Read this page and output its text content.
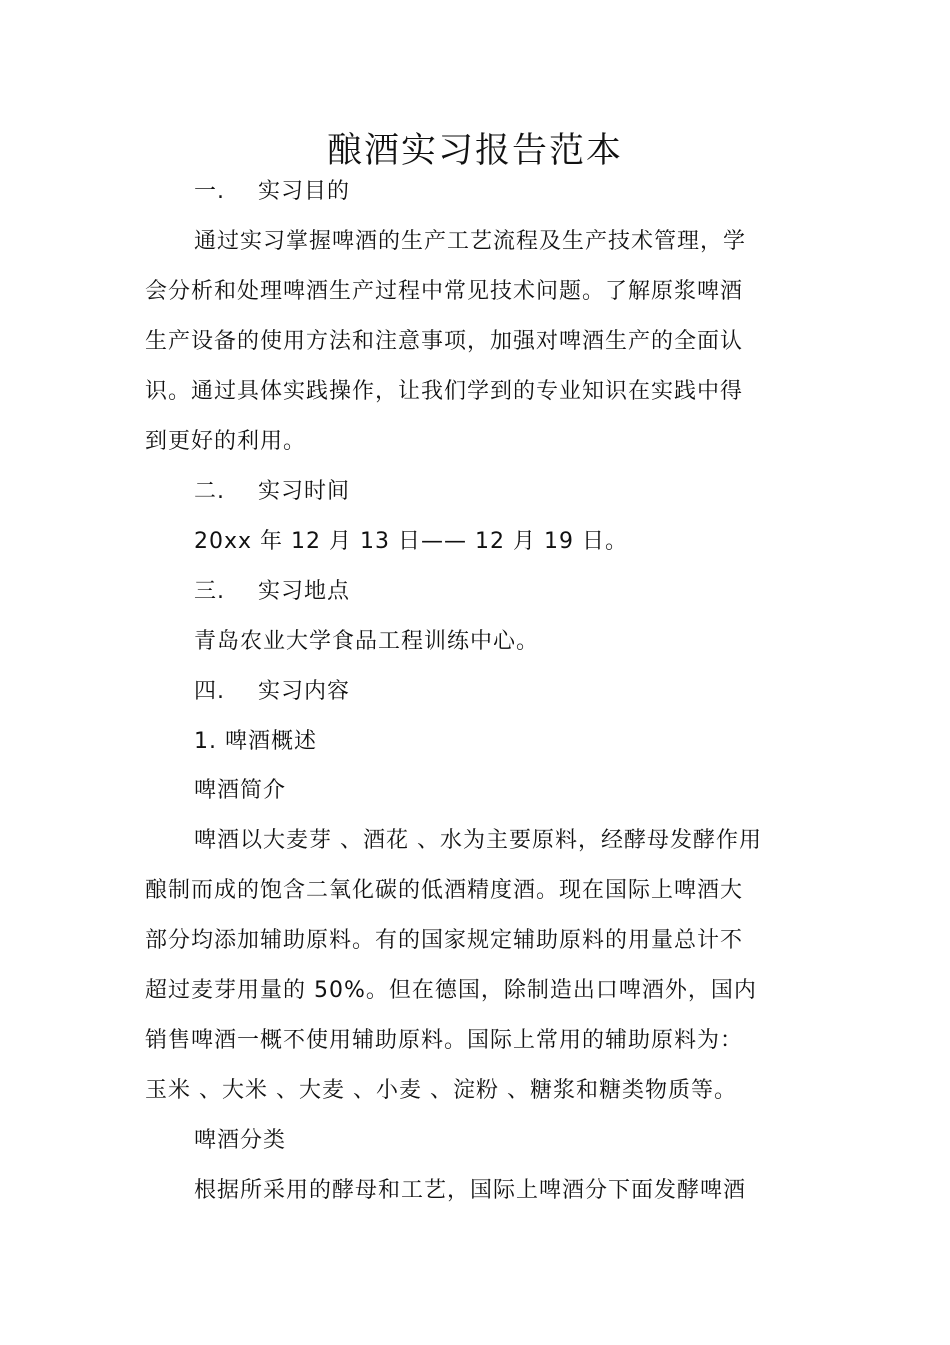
酿酒实习报告范本
一. 实习目的
通过实习掌握啤酒的生产工艺流程及生产技术管理，学
会分析和处理啤酒生产过程中常见技术问题。了解原浆啤酒
生产设备的使用方法和注意事项，加强对啤酒生产的全面认
识。通过具体实践操作，让我们学到的专业知识在实践中得
到更好的利用。
二. 实习时间
20xx 年 12 月 13 日—— 12 月 19 日。
三. 实习地点
青岛农业大学食品工程训练中心。
四. 实习内容
1. 啤酒概述
啤酒简介
啤酒以大麦芽 、酒花 、水为主要原料，经酵母发酵作用
酿制而成的饱含二氧化碳的低酒精度酒。现在国际上啤酒大
部分均添加辅助原料。有的国家规定辅助原料的用量总计不
超过麦芽用量的 50%。但在德国，除制造出口啤酒外，国内
销售啤酒一概不使用辅助原料。国际上常用的辅助原料为：
玉米 、大米 、大麦 、小麦 、淀粉 、糖浆和糖类物质等。
啤酒分类
根据所采用的酵母和工艺，国际上啤酒分下面发酵啤酒
